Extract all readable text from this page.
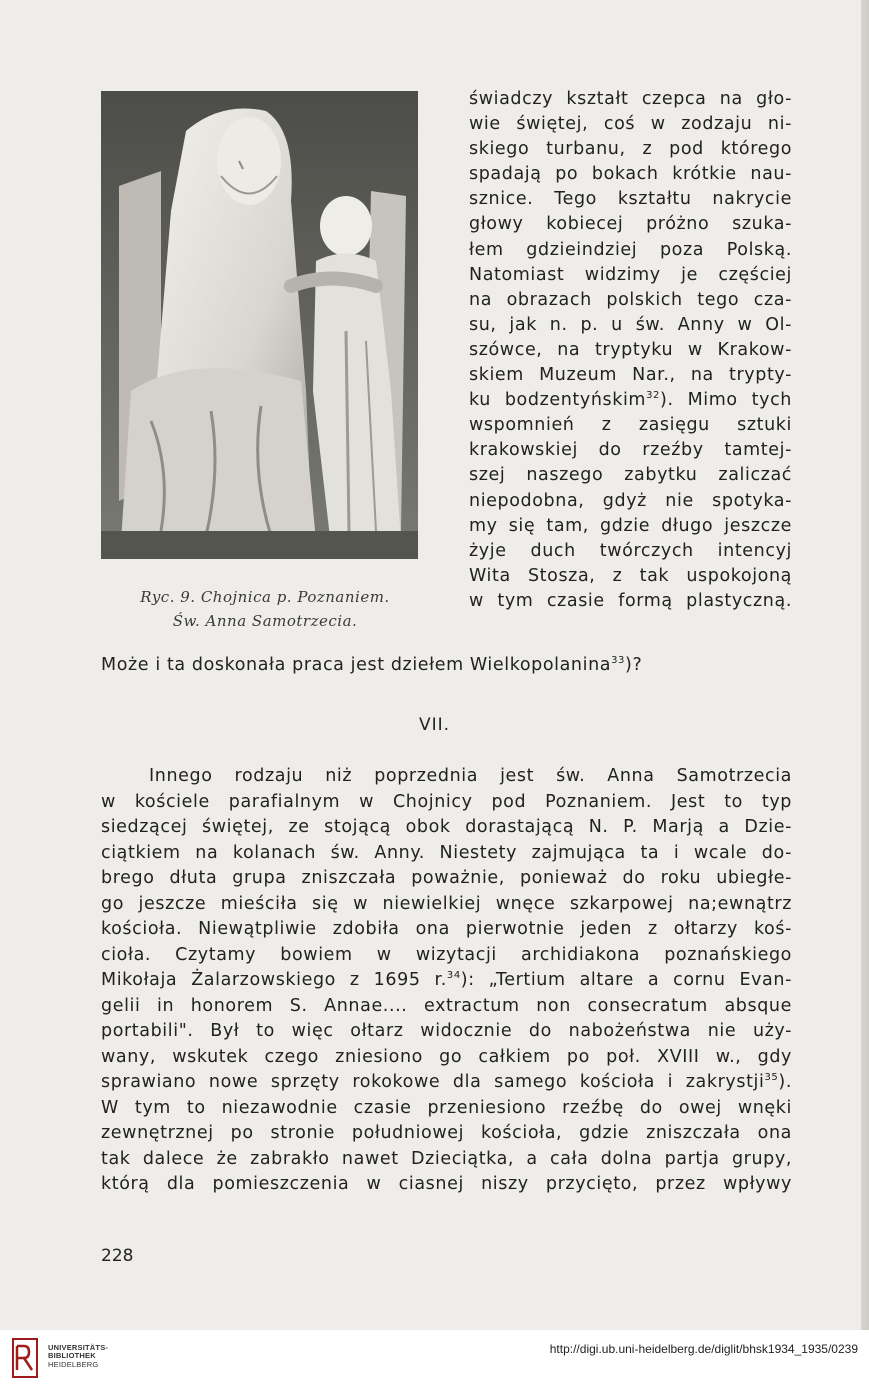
Ryc. 9. Chojnica p. Poznaniem.
Św. Anna Samotrzecia.
świadczy kształt czepca na gło-
wie świętej, coś w zodzaju ni-
skiego turbanu, z pod którego
spadają po bokach krótkie nau-
sznice. Tego kształtu nakrycie
głowy kobiecej próżno szuka-
łem gdzieindziej poza Polską.
Natomiast widzimy je częściej
na obrazach polskich tego cza-
su, jak n. p. u św. Anny w Ol-
szówce, na tryptyku w Krakow-
skiem Muzeum Nar., na trypty-
ku bodzentyńskim$^{32}$). Mimo tych
wspomnień z zasięgu sztuki
krakowskiej do rzeźby tamtej-
szej naszego zabytku zaliczać
niepodobna, gdyż nie spotyka-
my się tam, gdzie długo jeszcze
żyje duch twórczych intencyj
Wita Stosza, z tak uspokojoną
w tym czasie formą plastyczną.
Może i ta doskonała praca jest dziełem Wielkopolanina$^{33}$)?
VII.
Innego rodzaju niż poprzednia jest św. Anna Samotrzecia
w kościele parafialnym w Chojnicy pod Poznaniem. Jest to typ
siedzącej świętej, ze stojącą obok dorastającą N. P. Marją a Dzie-
ciątkiem na kolanach św. Anny. Niestety zajmująca ta i wcale do-
brego dłuta grupa zniszczała poważnie, ponieważ do roku ubiegłe-
go jeszcze mieściła się w niewielkiej wnęce szkarpowej na;ewnątrz
kościoła. Niewątpliwie zdobiła ona pierwotnie jeden z ołtarzy koś-
cioła. Czytamy bowiem w wizytacji archidiakona poznańskiego
Mikołaja Żalarzowskiego z 1695 r.$^{34}$): „Tertium altare a cornu Evan-
gelii in honorem S. Annae.... extractum non consecratum absque
portabili". Był to więc ołtarz widocznie do nabożeństwa nie uży-
wany, wskutek czego zniesiono go całkiem po poł. XVIII w., gdy
sprawiano nowe sprzęty rokokowe dla samego kościoła i zakrystji$^{35}$).
W tym to niezawodnie czasie przeniesiono rzeźbę do owej wnęki
zewnętrznej po stronie południowej kościoła, gdzie zniszczała ona
tak dalece że zabrakło nawet Dzieciątka, a cała dolna partja grupy,
którą dla pomieszczenia w ciasnej niszy przycięto, przez wpływy
228
UNIVERSITÄTS-
BIBLIOTHEK
HEIDELBERG
http://digi.ub.uni-heidelberg.de/diglit/bhsk1934_1935/0239
